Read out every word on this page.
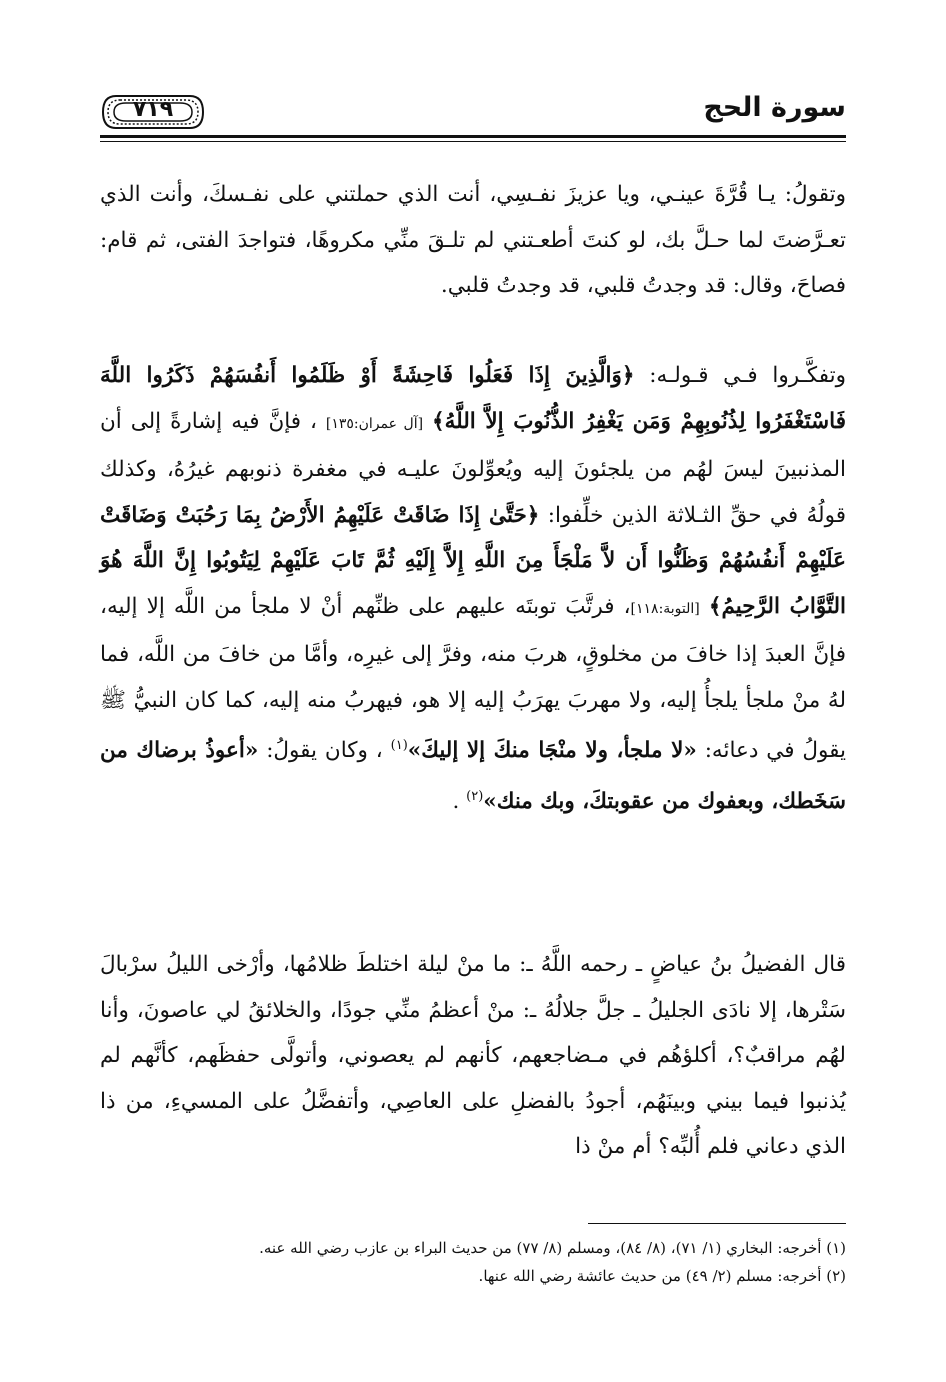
سورة الحج
٧١٩

وتقولُ: يـا قُرَّةَ عينـي، ويا عزيزَ نفـسِي، أنت الذي حملتني على نفـسكَ، وأنت الذي تعـرَّضتَ لما حـلَّ بك، لو كنتَ أطعـتني لم تلـقَ منِّي مكروهًا، فتواجدَ الفتى، ثم قام: فصاحَ، وقال: قد وجدتُ قلبي، قد وجدتُ قلبي.

وتفكَّـروا فـي قـولـه: ﴿وَالَّذِينَ إِذَا فَعَلُوا فَاحِشَةً أَوْ ظَلَمُوا أَنفُسَهُمْ ذَكَرُوا اللَّهَ فَاسْتَغْفَرُوا لِذُنُوبِهِمْ وَمَن يَغْفِرُ الذُّنُوبَ إِلاَّ اللَّهُ﴾ [آل عمران:١٣٥] ، فإنَّ فيه إشارةً إلى أن المذنبينَ ليسَ لهُم من يلجئونَ إليه ويُعوِّلونَ عليـه في مغفرة ذنوبهم غيرُهُ، وكذلك قولُهُ في حقِّ الثـلاثة الذين خلِّفوا: ﴿حَتَّىٰ إِذَا ضَاقَتْ عَلَيْهِمُ الأَرْضُ بِمَا رَحُبَتْ وَضَاقَتْ عَلَيْهِمْ أَنفُسُهُمْ وَظَنُّوا أَن لاَّ مَلْجَأَ مِنَ اللَّهِ إِلاَّ إِلَيْهِ ثُمَّ تَابَ عَلَيْهِمْ لِيَتُوبُوا إِنَّ اللَّهَ هُوَ التَّوَّابُ الرَّحِيمُ﴾ [التوبة:١١٨]، فرتَّبَ توبتَه عليهم على ظنِّهم أنْ لا ملجأ من اللَّه إلا إليه، فإنَّ العبدَ إذا خافَ من مخلوقٍ، هربَ منه، وفرَّ إلى غيرِه، وأمَّا من خافَ من اللَّه، فما لهُ منْ ملجأ يلجأُ إليه، ولا مهربَ يهرَبُ إليه إلا هو، فيهربُ منه إليه، كما كان النبيُّ ﷺ يقولُ في دعائه: «لا ملجأ، ولا منْجَا منكَ إلا إليكَ»$^{(١)}$ ، وكان يقولُ: «أعوذُ برضاك من سَخَطك، وبعفوك من عقوبتكَ، وبك منك»$^{(٢)}$ .

قال الفضيلُ بنُ عياضٍ ـ رحمه اللَّهُ ـ: ما منْ ليلة اختلطَ ظلامُها، وأرْخى الليلُ سرْبالَ سَتْرها، إلا نادَى الجليلُ ـ جلَّ جلالُهُ ـ: منْ أعظمُ منِّي جودًا، والخلائقُ لي عاصونَ، وأنا لهُم مراقبٌ؟، أكلؤهُم في مـضاجعهم، كأنهم لم يعصوني، وأتولَّى حفظَهم، كأنَّهم لم يُذنبوا فيما بيني وبينَهُم، أجودُ بالفضلِ على العاصِي، وأتفضَّلُ على المسيءِ، من ذا الذي دعاني فلم أُلبِّه؟ أم منْ ذا

(١) أخرجه: البخاري (١/ ٧١)، (٨/ ٨٤)، ومسلم (٨/ ٧٧) من حديث البراء بن عازب رضي الله عنه.

(٢) أخرجه: مسلم (٢/ ٤٩) من حديث عائشة رضي الله عنها.
